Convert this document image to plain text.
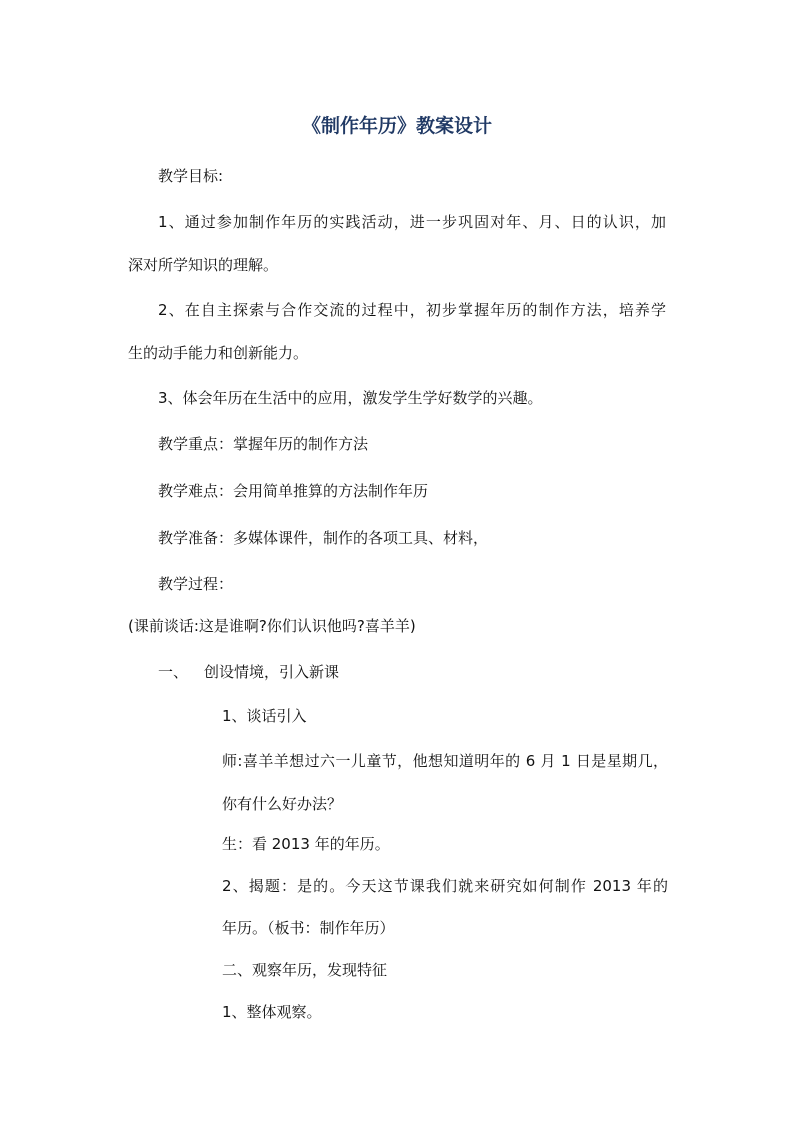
《制作年历》教案设计
教学目标:
1、通过参加制作年历的实践活动，进一步巩固对年、月、日的认识，加
深对所学知识的理解。
2、在自主探索与合作交流的过程中，初步掌握年历的制作方法，培养学
生的动手能力和创新能力。
3、体会年历在生活中的应用，激发学生学好数学的兴趣。
教学重点：掌握年历的制作方法
教学难点：会用简单推算的方法制作年历
教学准备：多媒体课件，制作的各项工具、材料，
教学过程：
(课前谈话:这是谁啊?你们认识他吗?喜羊羊)
一、 创设情境，引入新课
1、谈话引入
师:喜羊羊想过六一儿童节，他想知道明年的 6 月 1 日是星期几，
你有什么好办法？
生：看 2013 年的年历。
2、揭题：是的。今天这节课我们就来研究如何制作 2013 年的
年历。（板书：制作年历）
二、观察年历，发现特征
1、整体观察。
